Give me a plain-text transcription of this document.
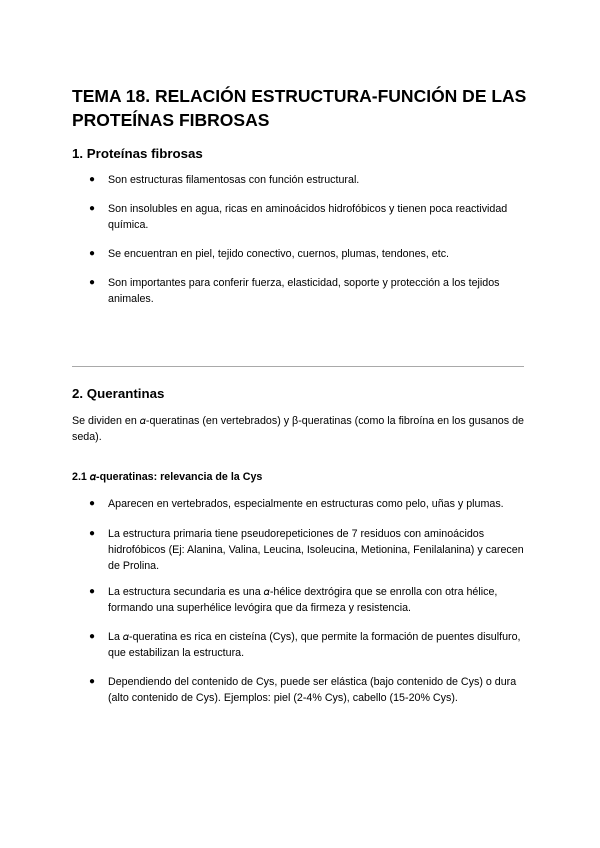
TEMA 18. RELACIÓN ESTRUCTURA-FUNCIÓN DE LAS PROTEÍNAS FIBROSAS
1. Proteínas fibrosas
● Son estructuras filamentosas con función estructural.
● Son insolubles en agua, ricas en aminoácidos hidrofóbicos y tienen poca reactividad química.
● Se encuentran en piel, tejido conectivo, cuernos, plumas, tendones, etc.
● Son importantes para conferir fuerza, elasticidad, soporte y protección a los tejidos animales.
2. Querantinas

Se dividen en 𝛼-queratinas (en vertebrados) y β-queratinas (como la fibroína en los gusanos de seda).

2.1 𝛼-queratinas: relevancia de la Cys
● Aparecen en vertebrados, especialmente en estructuras como pelo, uñas y plumas.
● La estructura primaria tiene pseudorepeticiones de 7 residuos con aminoácidos hidrofóbicos (Ej: Alanina, Valina, Leucina, Isoleucina, Metionina, Fenilalanina) y carecen de Prolina.
● La estructura secundaria es una 𝛼-hélice dextrógira que se enrolla con otra hélice, formando una superhélice levógira que da firmeza y resistencia.
● La 𝛼-queratina es rica en cisteína (Cys), que permite la formación de puentes disulfuro, que estabilizan la estructura.
● Dependiendo del contenido de Cys, puede ser elástica (bajo contenido de Cys) o dura (alto contenido de Cys). Ejemplos: piel (2-4% Cys), cabello (15-20% Cys).
